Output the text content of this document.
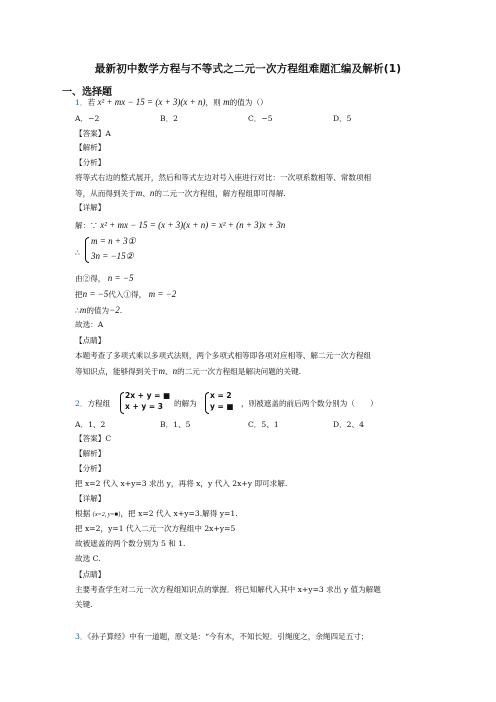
最新初中数学方程与不等式之二元一次方程组难题汇编及解析(1)
一、选择题
1．若 x² + mx − 15 = (x + 3)(x + n)，则 m的值为（）
A．−2	B．2	C．−5	D．5
【答案】A
【解析】
【分析】
将等式右边的整式展开，然后和等式左边对号入座进行对比：一次项系数相等、常数项相
等，从而得到关于m、n的二元一次方程组，解方程组即可得解.
【详解】
解：∵ x² + mx − 15 = (x + 3)(x + n) = x² + (n + 3)x + 3n
∴
m = n + 3①
3n = −15②
由②得， n = −5
把n = −5代入①得， m = −2
∴m的值为−2.
故选：A
【点睛】
本题考查了多项式乘以多项式法则，两个多项式相等即各项对应相等、解二元一次方程组
等知识点，能够得到关于m、n的二元一次方程组是解决问题的关键.
2．方程组
2x + y = ■
x + y = 3 的解为
x = 2
y = ■ ，则被遮盖的前后两个数分别为（　　）
A．1、2	B．1、5	C．5、1	D．2、4
【答案】C
【解析】
【分析】
把 x=2 代入 x+y=3 求出 y，再将 x，y 代入 2x+y 即可求解.
【详解】
根据 {x=2, y=■}，把 x=2 代入 x+y=3.解得 y=1.
把 x=2，y=1 代入二元一次方程组中 2x+y=5
故被遮盖的两个数分别为 5 和 1.
故选 C.
【点睛】
主要考查学生对二元一次方程组知识点的掌握．将已知解代入其中 x+y=3 求出 y 值为解题
关键.
3．《孙子算经》中有一道题，原文是：“今有木，不知长短．引绳度之，余绳四足五寸；
